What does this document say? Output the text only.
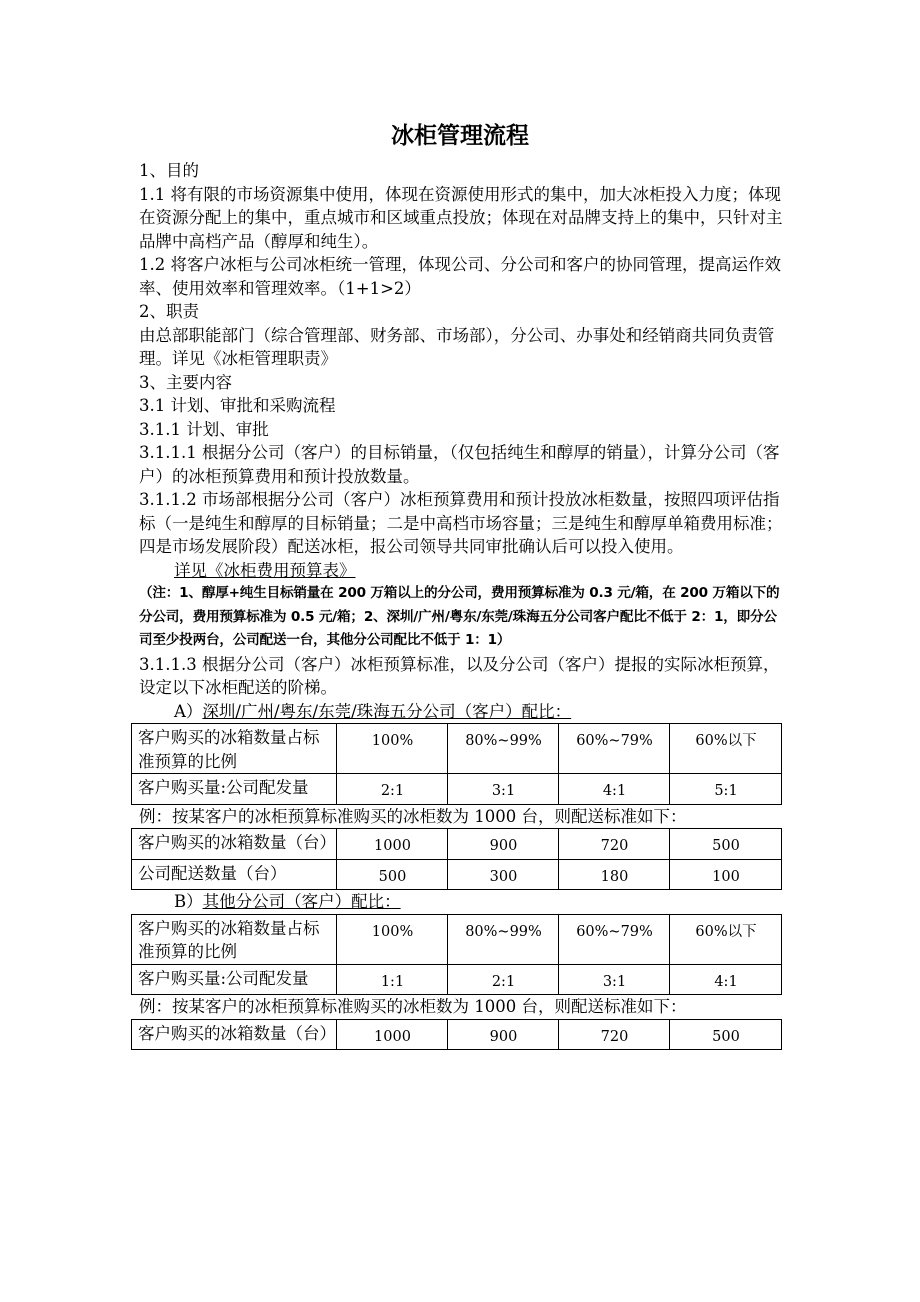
冰柜管理流程

1、目的

1.1 将有限的市场资源集中使用，体现在资源使用形式的集中，加大冰柜投入力度；体现在资源分配上的集中，重点城市和区域重点投放；体现在对品牌支持上的集中，只针对主品牌中高档产品（醇厚和纯生）。

1.2 将客户冰柜与公司冰柜统一管理，体现公司、分公司和客户的协同管理，提高运作效率、使用效率和管理效率。（1+1>2）

2、职责

由总部职能部门（综合管理部、财务部、市场部），分公司、办事处和经销商共同负责管理。详见《冰柜管理职责》

3、主要内容

3.1 计划、审批和采购流程

3.1.1 计划、审批

3.1.1.1 根据分公司（客户）的目标销量，（仅包括纯生和醇厚的销量），计算分公司（客户）的冰柜预算费用和预计投放数量。

3.1.1.2 市场部根据分公司（客户）冰柜预算费用和预计投放冰柜数量，按照四项评估指标（一是纯生和醇厚的目标销量；二是中高档市场容量；三是纯生和醇厚单箱费用标准；四是市场发展阶段）配送冰柜，报公司领导共同审批确认后可以投入使用。

详见《冰柜费用预算表》

（注：1、醇厚+纯生目标销量在 200 万箱以上的分公司，费用预算标准为 0.3 元/箱，在 200 万箱以下的分公司，费用预算标准为 0.5 元/箱；2、深圳/广州/粤东/东莞/珠海五分公司客户配比不低于 2：1，即分公司至少投两台，公司配送一台，其他分公司配比不低于 1：1）

3.1.1.3 根据分公司（客户）冰柜预算标准，以及分公司（客户）提报的实际冰柜预算，设定以下冰柜配送的阶梯。

A）深圳/广州/粤东/东莞/珠海五分公司（客户）配比：

客户购买的冰箱数量占标准预算的比例	100%	80%~99%	60%~79%	60%以下
客户购买量:公司配发量	2:1	3:1	4:1	5:1

例：按某客户的冰柜预算标准购买的冰柜数为 1000 台，则配送标准如下：

客户购买的冰箱数量（台）	1000	900	720	500
公司配送数量（台）	500	300	180	100

B）其他分公司（客户）配比：

客户购买的冰箱数量占标准预算的比例	100%	80%~99%	60%~79%	60%以下
客户购买量:公司配发量	1:1	2:1	3:1	4:1

例：按某客户的冰柜预算标准购买的冰柜数为 1000 台，则配送标准如下：

客户购买的冰箱数量（台）	1000	900	720	500
